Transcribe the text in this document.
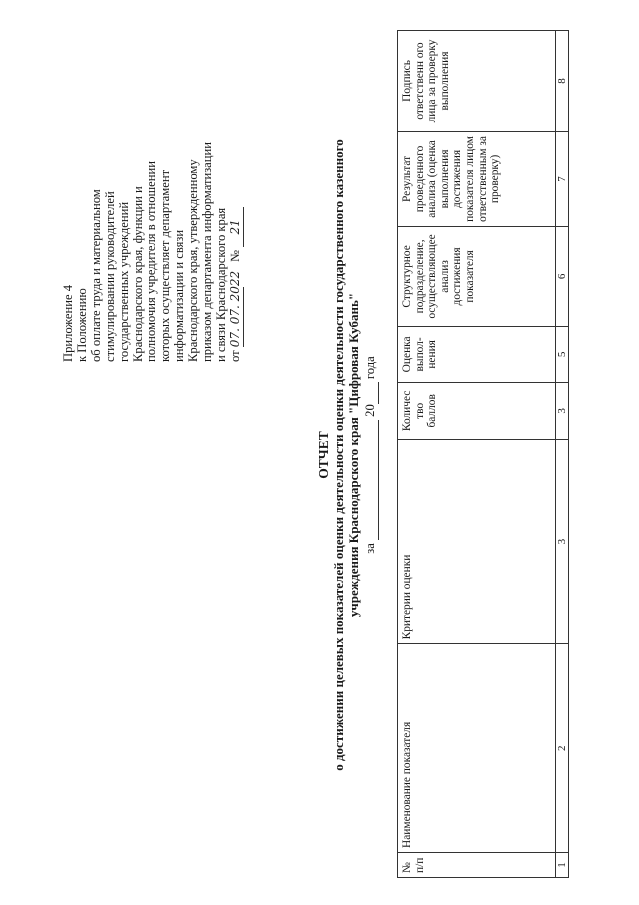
Приложение 4 к Положению об оплате труда и материальном стимулировании руководителей государственных учреждений Краснодарского края, функции и полномочия учредителя в отношении которых осуществляет департамент информатизации и связи Краснодарского края, утвержденному приказом департамента информатизации и связи Краснодарского края от 07. 07. 2022        № 21
ОТЧЕТ о достижении целевых показателей оценки деятельности оценки деятельности государственного казенного учреждения Краснодарского края "Цифровая Кубань" за   20  года
№ п/п	Наименование показателя	Критерии оценки	Количес тво баллов	Оценка выпол- нения	Структурное подразделение, осуществляющее анализ достижения показателя	Результат проведенного анализа (оценка выполнения достижения показателя лицом ответственным за проверку)	Подпись ответственн ого лица за проверку выполнения
1	2	3	3	5	6	7	8
